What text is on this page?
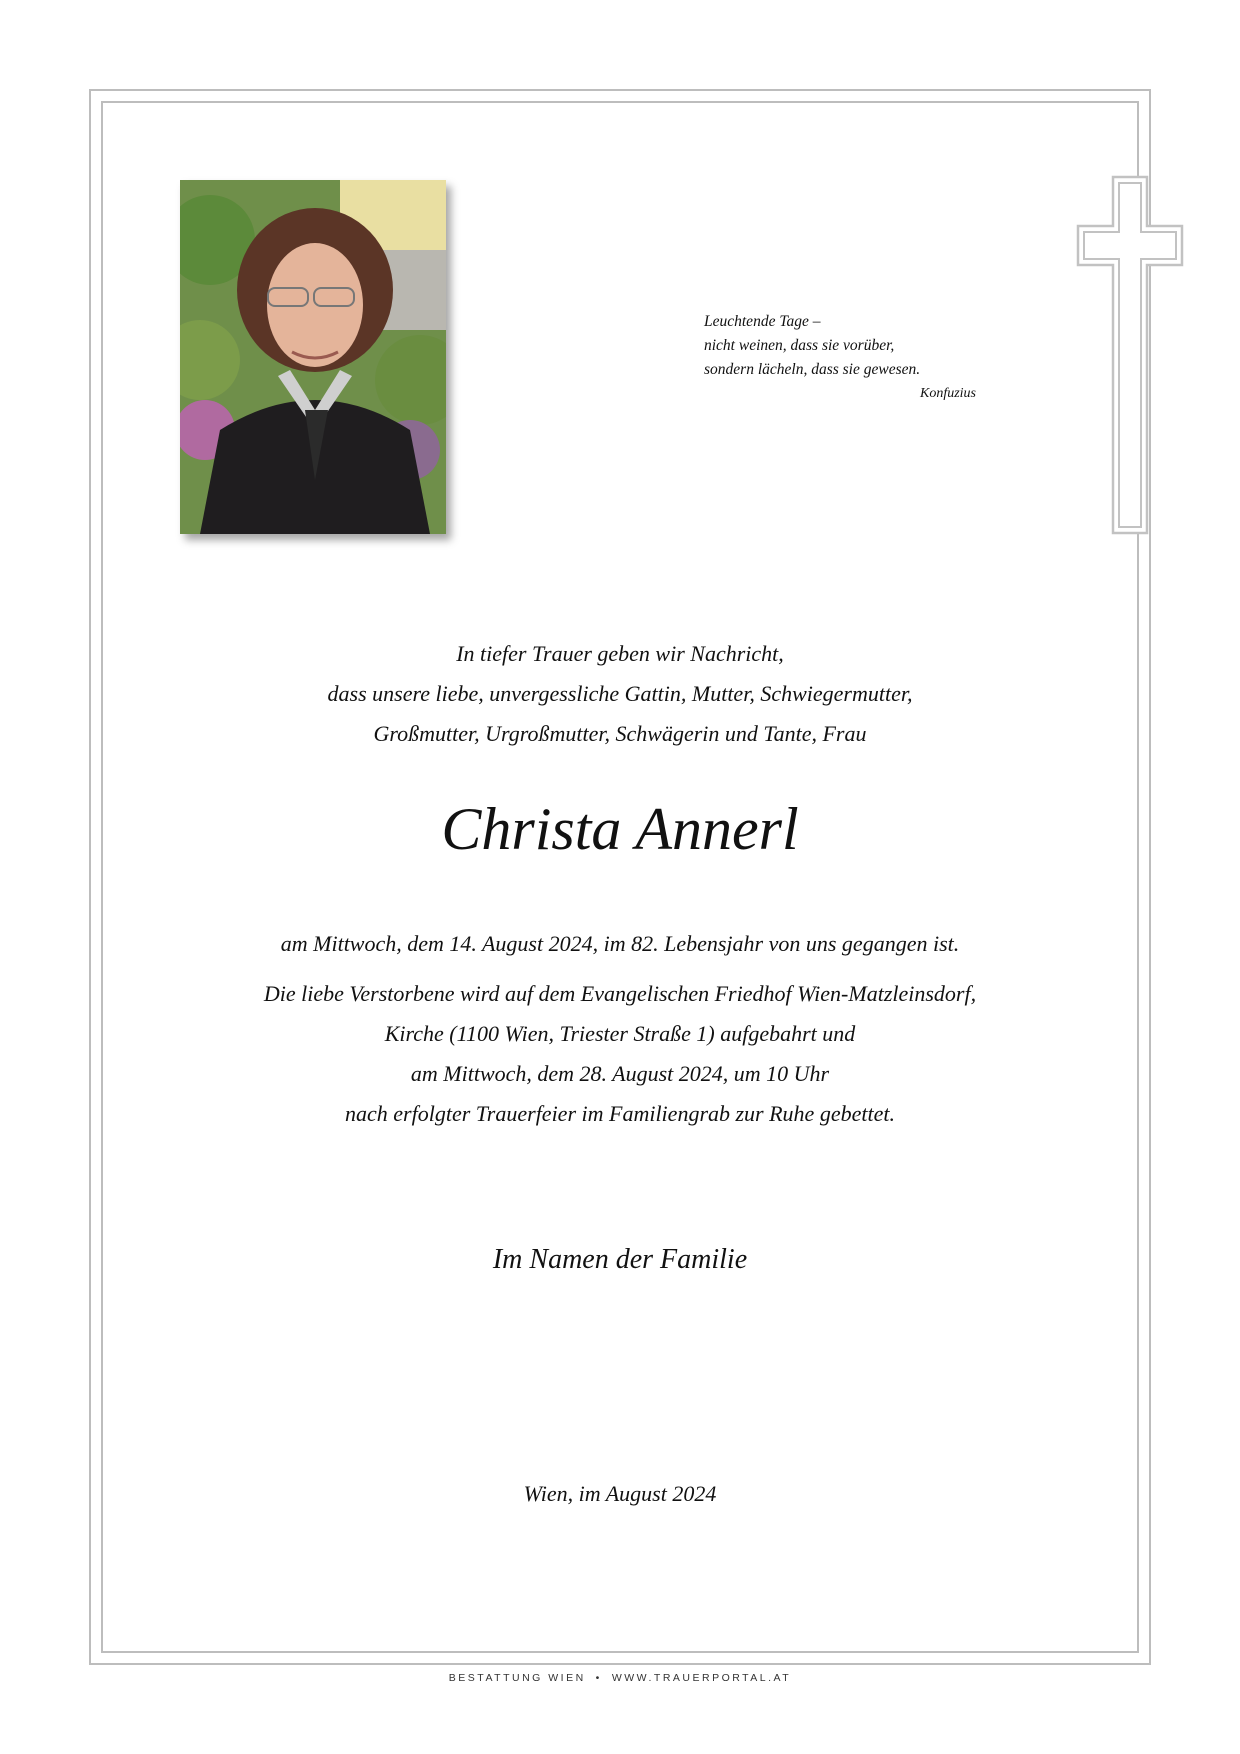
Leuchtende Tage –
nicht weinen, dass sie vorüber,
sondern lächeln, dass sie gewesen.
Konfuzius
In tiefer Trauer geben wir Nachricht,
dass unsere liebe, unvergessliche Gattin, Mutter, Schwiegermutter,
Großmutter, Urgroßmutter, Schwägerin und Tante, Frau
Christa Annerl
am Mittwoch, dem 14. August 2024, im 82. Lebensjahr von uns gegangen ist.
Die liebe Verstorbene wird auf dem Evangelischen Friedhof Wien-Matzleinsdorf,
Kirche (1100 Wien, Triester Straße 1) aufgebahrt und
am Mittwoch, dem 28. August 2024, um 10 Uhr
nach erfolgter Trauerfeier im Familiengrab zur Ruhe gebettet.
Im Namen der Familie
Wien, im August 2024
BESTATTUNG WIEN • WWW.TRAUERPORTAL.AT
